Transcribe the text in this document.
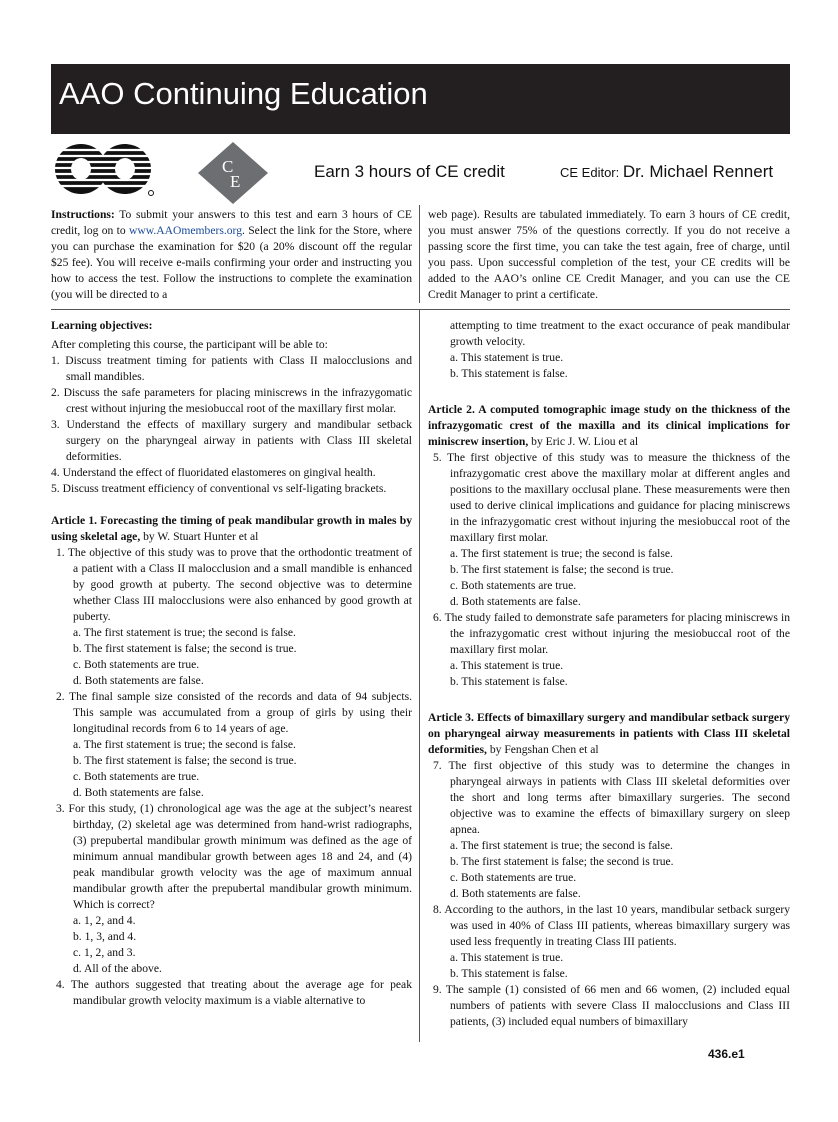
AAO Continuing Education
C
E
Earn 3 hours of CE credit	CE Editor: Dr. Michael Rennert
Instructions: To submit your answers to this test and earn 3 hours of CE credit, log on to www.AAOmembers.org. Select the link for the Store, where you can purchase the examination for $20 (a 20% discount off the regular $25 fee). You will receive e-mails confirming your order and instructing you how to access the test. Follow the instructions to complete the examination (you will be directed to a
web page). Results are tabulated immediately. To earn 3 hours of CE credit, you must answer 75% of the questions correctly. If you do not receive a passing score the first time, you can take the test again, free of charge, until you pass. Upon successful completion of the test, your CE credits will be added to the AAO’s online CE Credit Manager, and you can use the CE Credit Manager to print a certificate.

Learning objectives:

After completing this course, the participant will be able to:

1. Discuss treatment timing for patients with Class II malocclusions and small mandibles.

2. Discuss the safe parameters for placing miniscrews in the infrazygomatic crest without injuring the mesiobuccal root of the maxillary first molar.

3. Understand the effects of maxillary surgery and mandibular setback surgery on the pharyngeal airway in patients with Class III skeletal deformities.

4. Understand the effect of fluoridated elastomeres on gingival health.

5. Discuss treatment efficiency of conventional vs self-ligating brackets.

Article 1. Forecasting the timing of peak mandibular growth in males by using skeletal age, by W. Stuart Hunter et al

1. The objective of this study was to prove that the orthodontic treatment of a patient with a Class II malocclusion and a small mandible is enhanced by good growth at puberty. The second objective was to determine whether Class III malocclusions were also enhanced by good growth at puberty.

a. The first statement is true; the second is false.

b. The first statement is false; the second is true.

c. Both statements are true.

d. Both statements are false.

2. The final sample size consisted of the records and data of 94 subjects. This sample was accumulated from a group of girls by using their longitudinal records from 6 to 14 years of age.

a. The first statement is true; the second is false.

b. The first statement is false; the second is true.

c. Both statements are true.

d. Both statements are false.

3. For this study, (1) chronological age was the age at the subject’s nearest birthday, (2) skeletal age was determined from hand-wrist radiographs, (3) prepubertal mandibular growth minimum was defined as the age of minimum annual mandibular growth between ages 18 and 24, and (4) peak mandibular growth velocity was the age of maximum annual mandibular growth after the prepubertal mandibular growth minimum. Which is correct?

a. 1, 2, and 4.

b. 1, 3, and 4.

c. 1, 2, and 3.

d. All of the above.

4. The authors suggested that treating about the average age for peak mandibular growth velocity maximum is a viable alternative to

attempting to time treatment to the exact occurance of peak mandibular growth velocity.

a. This statement is true.

b. This statement is false.

Article 2. A computed tomographic image study on the thickness of the infrazygomatic crest of the maxilla and its clinical implications for miniscrew insertion, by Eric J. W. Liou et al

5. The first objective of this study was to measure the thickness of the infrazygomatic crest above the maxillary molar at different angles and positions to the maxillary occlusal plane. These measurements were then used to derive clinical implications and guidance for placing miniscrews in the infrazygomatic crest without injuring the mesiobuccal root of the maxillary first molar.

a. The first statement is true; the second is false.

b. The first statement is false; the second is true.

c. Both statements are true.

d. Both statements are false.

6. The study failed to demonstrate safe parameters for placing miniscrews in the infrazygomatic crest without injuring the mesiobuccal root of the maxillary first molar.

a. This statement is true.

b. This statement is false.

Article 3. Effects of bimaxillary surgery and mandibular setback surgery on pharyngeal airway measurements in patients with Class III skeletal deformities, by Fengshan Chen et al

7. The first objective of this study was to determine the changes in pharyngeal airways in patients with Class III skeletal deformities over the short and long terms after bimaxillary surgeries. The second objective was to examine the effects of bimaxillary surgery on sleep apnea.

a. The first statement is true; the second is false.

b. The first statement is false; the second is true.

c. Both statements are true.

d. Both statements are false.

8. According to the authors, in the last 10 years, mandibular setback surgery was used in 40% of Class III patients, whereas bimaxillary surgery was used less frequently in treating Class III patients.

a. This statement is true.

b. This statement is false.

9. The sample (1) consisted of 66 men and 66 women, (2) included equal numbers of patients with severe Class II malocclusions and Class III patients, (3) included equal numbers of bimaxillary

436.e1
